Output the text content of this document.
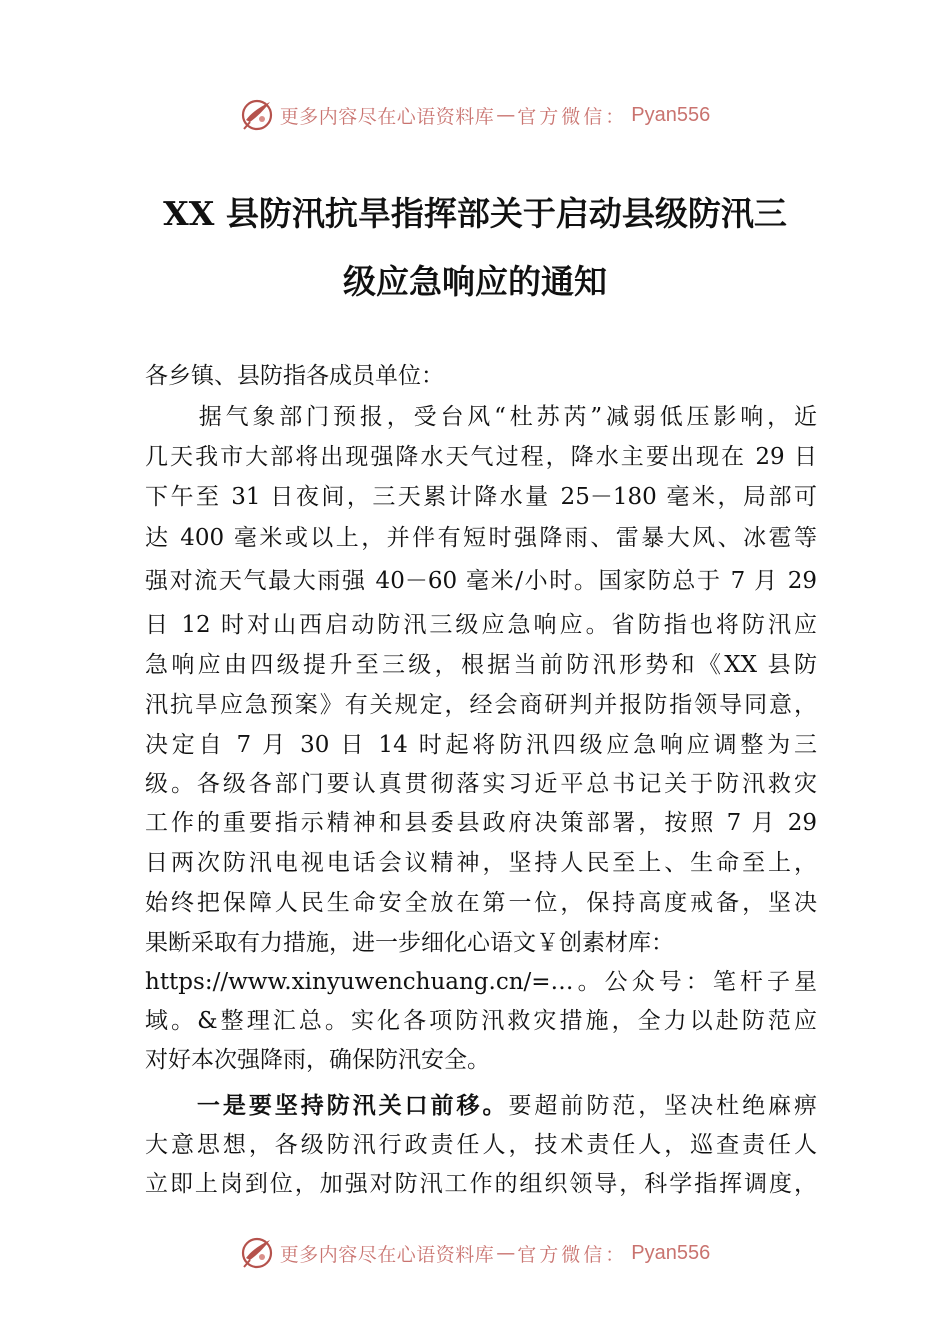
更多内容尽在心语资料库 — 官方微信： Pyan556
XX 县防汛抗旱指挥部关于启动县级防汛三
级应急响应的通知
各乡镇、县防指各成员单位：
　　据气象部门预报，受台风“杜苏芮”减弱低压影响，近
几天我市大部将出现强降水天气过程，降水主要出现在 29 日
下午至 31 日夜间，三天累计降水量 25－180 毫米，局部可
达 400 毫米或以上，并伴有短时强降雨、雷暴大风、冰雹等
强对流天气最大雨强 40－60 毫米/小时。国家防总于 7 月 29
日 12 时对山西启动防汛三级应急响应。省防指也将防汛应
急响应由四级提升至三级，根据当前防汛形势和《XX 县防
汛抗旱应急预案》有关规定，经会商研判并报防指领导同意，
决定自 7 月 30 日 14 时起将防汛四级应急响应调整为三
级。各级各部门要认真贯彻落实习近平总书记关于防汛救灾
工作的重要指示精神和县委县政府决策部署，按照 7 月 29
日两次防汛电视电话会议精神，坚持人民至上、生命至上，
始终把保障人民生命安全放在第一位，保持高度戒备，坚决
果断采取有力措施，进一步细化心语文￥创素材库：
https://www.xinyuwenchuang.cn/=…。公众号：笔杆子星
域。&整理汇总。实化各项防汛救灾措施，全力以赴防范应
对好本次强降雨，确保防汛安全。
　　一是要坚持防汛关口前移。要超前防范，坚决杜绝麻痹
大意思想，各级防汛行政责任人，技术责任人，巡查责任人
立即上岗到位，加强对防汛工作的组织领导，科学指挥调度，
更多内容尽在心语资料库 — 官方微信： Pyan556
